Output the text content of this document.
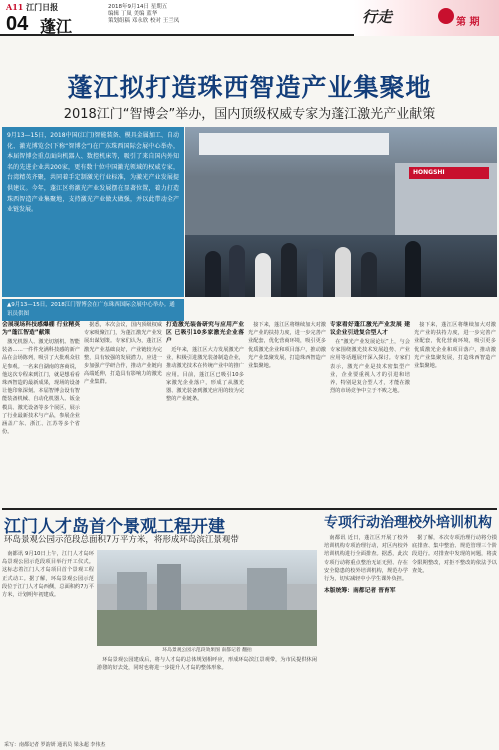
A11 江门日报
04 蓬江
2018年9月14日 星期五
编辑 丁岚 美编 蓝华
策划组稿 邓永欣 校对 王兰凤	行走	第 期
蓬江拟打造珠西智造产业集聚地
2018江门“智博会”举办，国内顶级权威专家为蓬江激光产业献策
9月13—15日，2018中国(江门)智能装备、模具金属加工、自动化、激光博览会(下称“智博会”)在广东珠西国际会展中心举办，本届智博会重点面向机器人、数控机床等，吸引了来自国内外知名的先进企业共200家，更有数十位中国激光领域的权威专家，台湾精英齐聚，共同着手定制激光行业标准，为激光产业发展提供建议。今年，蓬江区将激光产业发展摆在显著位置，着力打造珠西智造产业集聚地，支持激光产业做大做强，并以此带动全产业链发展。
HONGSHI
▲9月13—15日，2018江门智博会在广东珠西国际会展中心举办。通讯员供图
会展现场科技感爆棚 行业精英为“蓬江智造”献策

激光机器人、激光切割机、智能装备……一件件充满科技感的新产品在会场陈列，吸引了大批观众驻足参观。一名来自湖南的客商说，他这次专程来到江门，就是想看看珠西智造的最新成果，现场的设备让他印象深刻。本届智博会设有智能装备机械、自动化机器人、钣金模具、激光设备等多个展区，展示了行业最新技术与产品，参展企业涵盖广东、浙江、江苏等多个省份。

据悉，本次会议，国内顶级权威专家吸聚江门，为蓬江激光产业发展出谋划策。专家们认为，蓬江区激光产业基础良好，产业链较为完整，具有较强的发展潜力，应进一步加强产学研合作，推动产业链向高端延伸，打造具有影响力的激光产业集群。

打造激光装备研究与应用产业区 已吸引10多家激光企业落户

近年来，蓬江区大力发展激光产业，积极引进激光装备制造企业，推动激光技术在传统产业中的推广应用。目前，蓬江区已吸引10多家激光企业落户，形成了从激光器、激光装备到激光应用的较为完整的产业链条。

接下来，蓬江区将继续加大对激光产业的扶持力度，进一步完善产业配套，优化营商环境，吸引更多优质激光企业和项目落户，推动激光产业集聚发展，打造珠西智造产业集聚地。

专家看好蓬江激光产业发展 建议企业引进复合型人才

在“激光产业发展论坛”上，与会专家围绕激光技术发展趋势、产业应用等话题展开深入探讨。专家们表示，激光产业是技术密集型产业，企业要重视人才的引进和培养，特别是复合型人才，才能在激烈的市场竞争中立于不败之地。

接下来，蓬江区将继续加大对激光产业的扶持力度，进一步完善产业配套，优化营商环境，吸引更多优质激光企业和项目落户，推动激光产业集聚发展，打造珠西智造产业集聚地。

江门人才岛首个景观工程开建
环岛景观公园示范段总面积7万平方米，将形成环岛滨江景观带

南都讯 9月10日上午，江门人才岛环岛景观公园示范段项目举行开工仪式。这标志着江门人才岛项目首个景观工程正式动工。据了解，环岛景观公园示范段位于江门人才岛西侧，总面积约7万平方米，计划明年初建成。

环岛景观公园示范段效果图 南都记者 翻拍

环岛景观公园建成后，将与人才岛的总体规划相呼应，形成环岛滨江景观带，为市民提供休闲游憩的好去处，同时也将进一步提升人才岛的整体形象。

专项行动治理校外培训机构

南都讯 近日，蓬江区开展了校外培训机构专项治理行动，对区内校外培训机构进行全面排查。据悉，此次专项行动将重点整治无证无照、存在安全隐患的校外培训机构，规范办学行为，切实减轻中小学生课外负担。

本版统筹：南都记者 晋育军

据了解，本次专项治理行动将分摸底排查、集中整治、规范管理三个阶段进行。对排查中发现的问题，将责令限期整改，对拒不整改的依法予以查处。

采写：南都记者 罗韵妍 通讯员 梁永超 李伟杰
